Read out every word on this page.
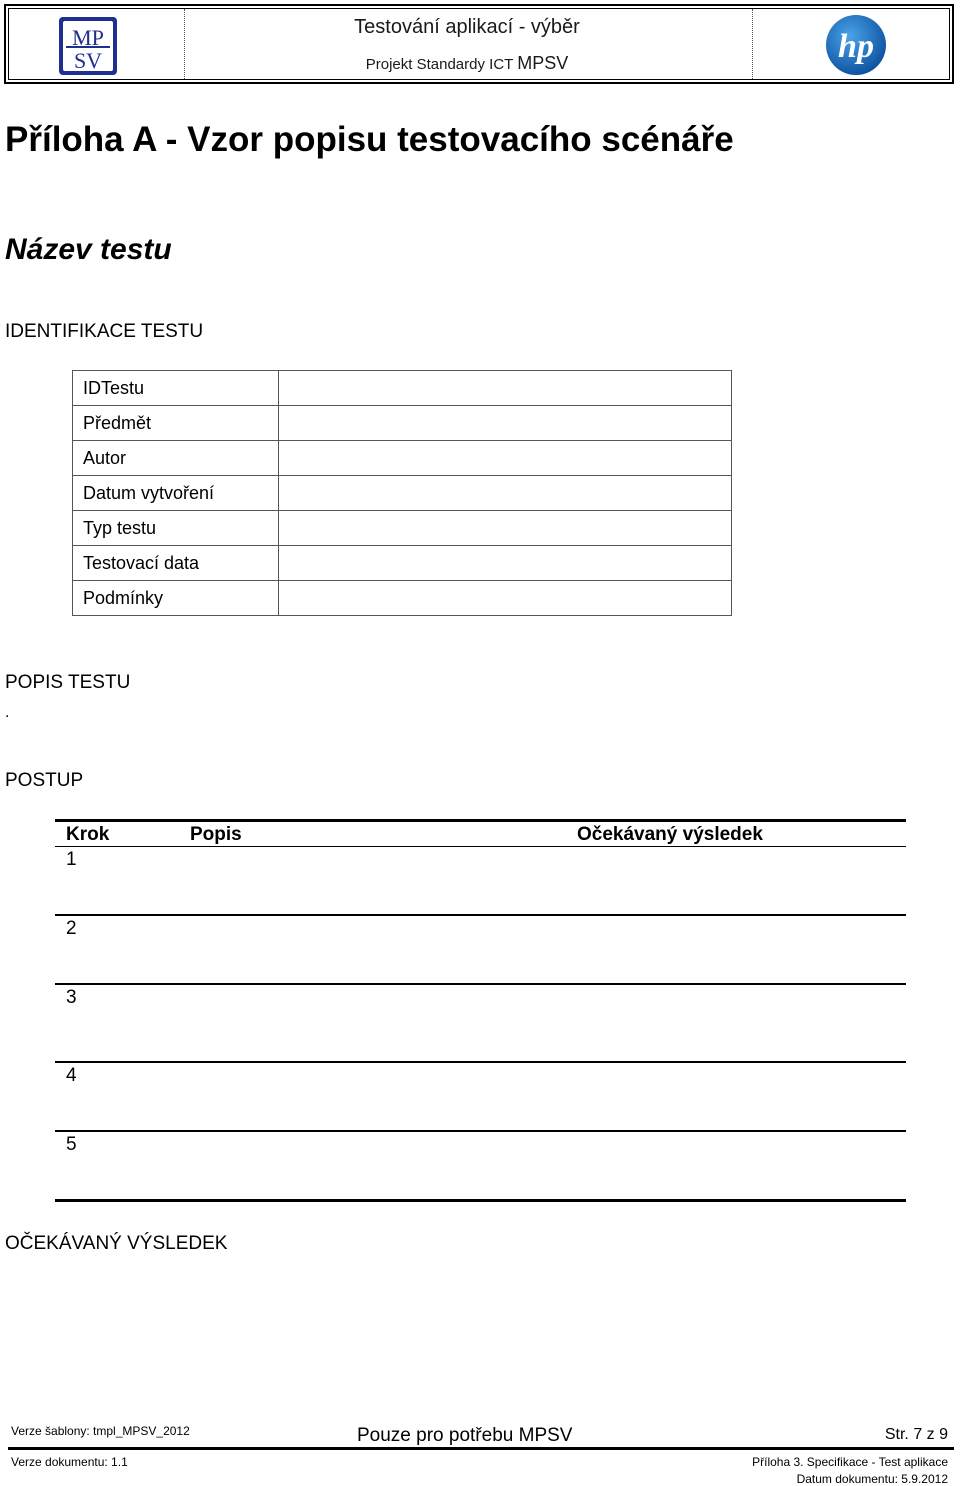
MP
SV
Testování aplikací - výběr
Projekt Standardy ICT MPSV	hp
Příloha A - Vzor popisu testovacího scénáře
Název testu
IDENTIFIKACE TESTU
IDTestu	
Předmět	
Autor	
Datum vytvoření	
Typ testu	
Testovací data	
Podmínky	
POPIS TESTU
.
POSTUP
Krok	Popis	Očekávaný výsledek
1
2
3
4
5
OČEKÁVANÝ VÝSLEDEK
Verze šablony: tmpl_MPSV_2012	Pouze pro potřebu MPSV	Str. 7 z 9
Verze dokumentu: 1.1	Příloha 3. Specifikace - Test aplikace
Datum dokumentu: 5.9.2012
